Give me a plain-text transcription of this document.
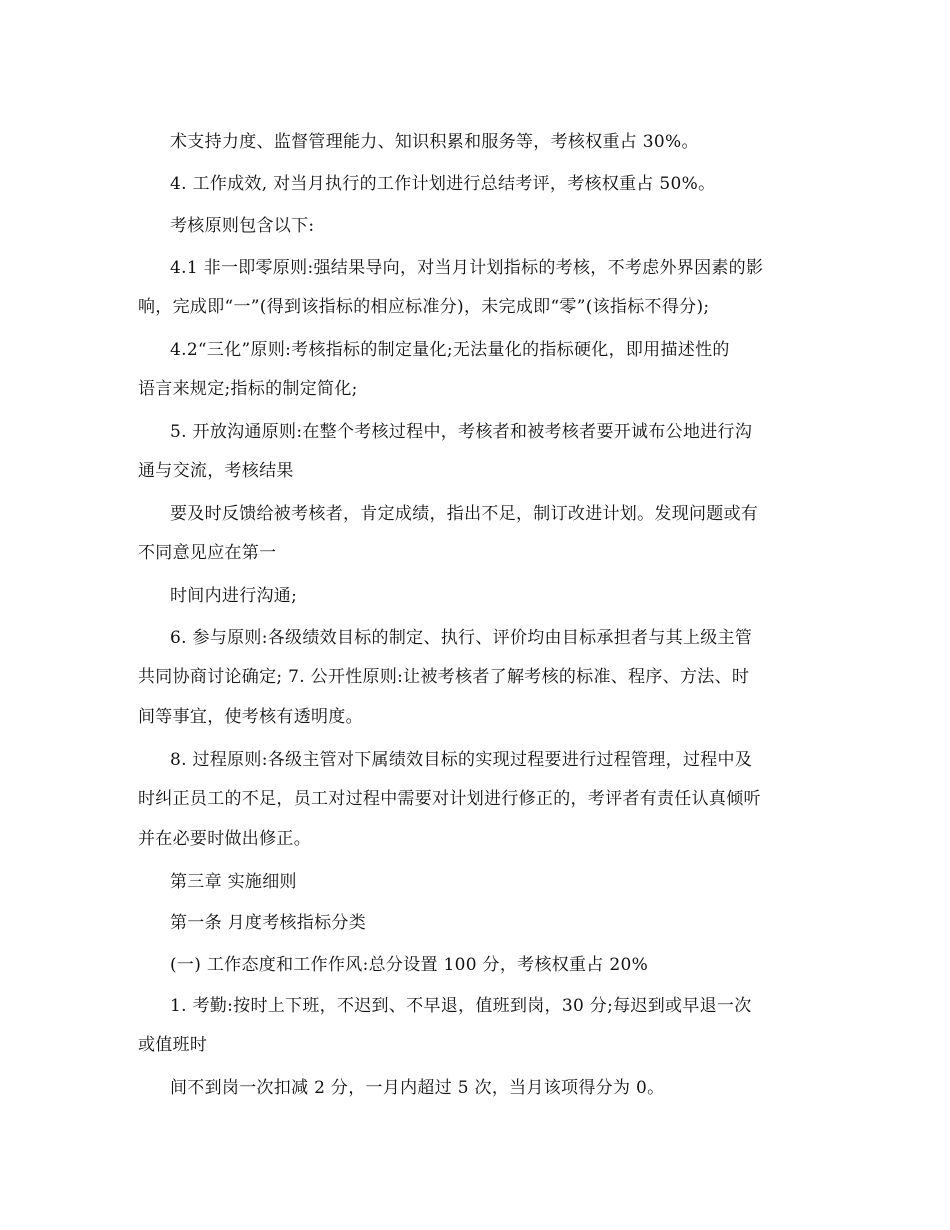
术支持力度、监督管理能力、知识积累和服务等，考核权重占 30%。
4. 工作成效, 对当月执行的工作计划进行总结考评，考核权重占 50%。
考核原则包含以下:
4.1 非一即零原则:强结果导向，对当月计划指标的考核，不考虑外界因素的影
响，完成即“一”(得到该指标的相应标准分)，未完成即“零”(该指标不得分);
4.2“三化”原则:考核指标的制定量化;无法量化的指标硬化，即用描述性的
语言来规定;指标的制定简化;
5. 开放沟通原则:在整个考核过程中，考核者和被考核者要开诚布公地进行沟
通与交流，考核结果
要及时反馈给被考核者，肯定成绩，指出不足，制订改进计划。发现问题或有
不同意见应在第一
时间内进行沟通;
6. 参与原则:各级绩效目标的制定、执行、评价均由目标承担者与其上级主管
共同协商讨论确定; 7. 公开性原则:让被考核者了解考核的标准、程序、方法、时
间等事宜，使考核有透明度。
8. 过程原则:各级主管对下属绩效目标的实现过程要进行过程管理，过程中及
时纠正员工的不足，员工对过程中需要对计划进行修正的，考评者有责任认真倾听
并在必要时做出修正。
第三章 实施细则
第一条 月度考核指标分类
(一) 工作态度和工作作风:总分设置 100 分，考核权重占 20%
1. 考勤:按时上下班，不迟到、不早退，值班到岗，30 分;每迟到或早退一次
或值班时
间不到岗一次扣减 2 分，一月内超过 5 次，当月该项得分为 0。
